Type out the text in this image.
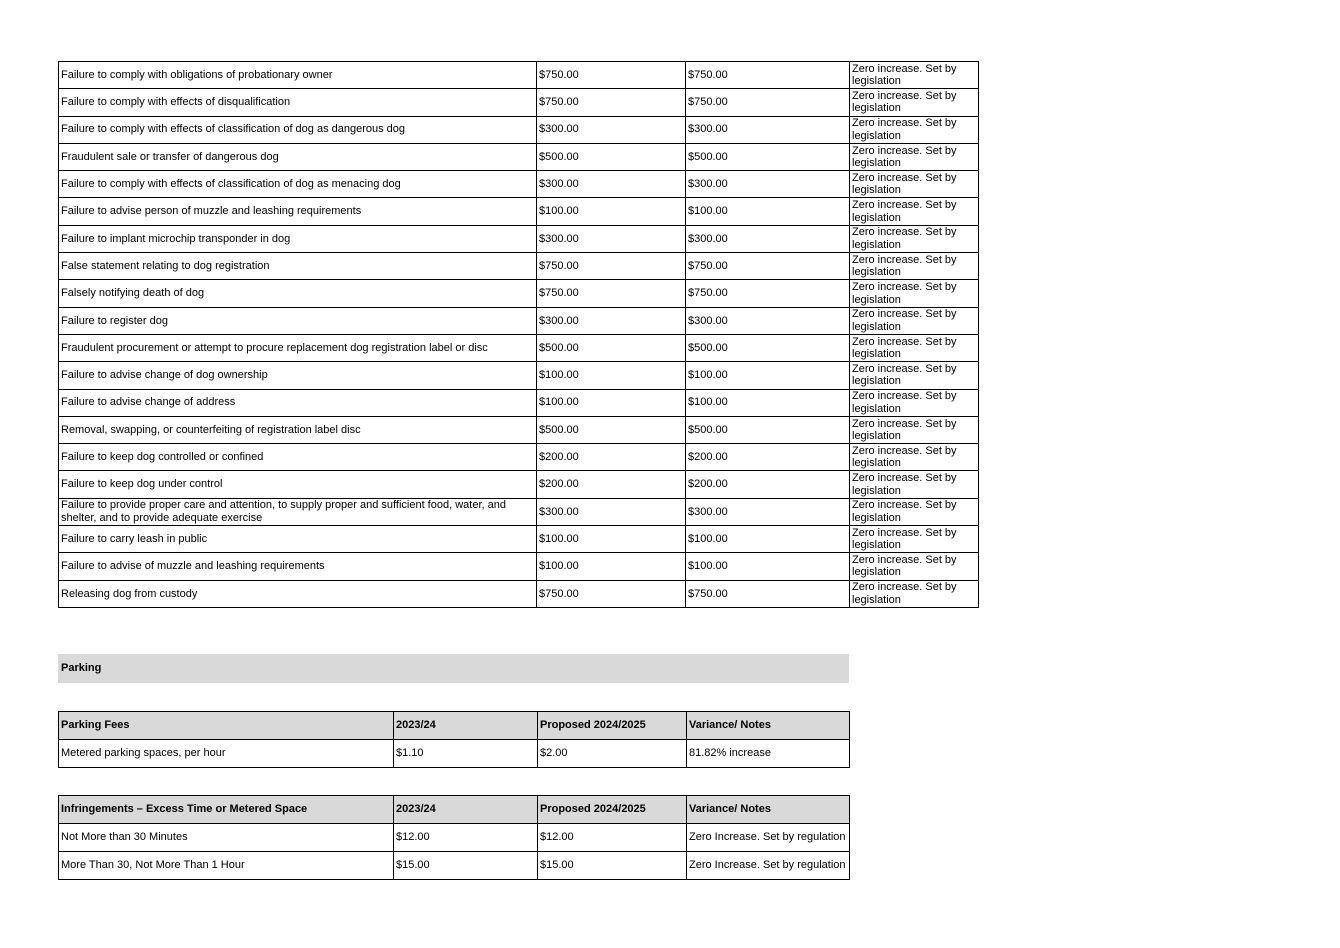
Failure to comply with obligations of probationary owner	$750.00	$750.00	Zero increase. Set by legislation
Failure to comply with effects of disqualification	$750.00	$750.00	Zero increase. Set by legislation
Failure to comply with effects of classification of dog as dangerous dog	$300.00	$300.00	Zero increase. Set by legislation
Fraudulent sale or transfer of dangerous dog	$500.00	$500.00	Zero increase. Set by legislation
Failure to comply with effects of classification of dog as menacing dog	$300.00	$300.00	Zero increase. Set by legislation
Failure to advise person of muzzle and leashing requirements	$100.00	$100.00	Zero increase. Set by legislation
Failure to implant microchip transponder in dog	$300.00	$300.00	Zero increase. Set by legislation
False statement relating to dog registration	$750.00	$750.00	Zero increase. Set by legislation
Falsely notifying death of dog	$750.00	$750.00	Zero increase. Set by legislation
Failure to register dog	$300.00	$300.00	Zero increase. Set by legislation
Fraudulent procurement or attempt to procure replacement dog registration label or disc	$500.00	$500.00	Zero increase. Set by legislation
Failure to advise change of dog ownership	$100.00	$100.00	Zero increase. Set by legislation
Failure to advise change of address	$100.00	$100.00	Zero increase. Set by legislation
Removal, swapping, or counterfeiting of registration label disc	$500.00	$500.00	Zero increase. Set by legislation
Failure to keep dog controlled or confined	$200.00	$200.00	Zero increase. Set by legislation
Failure to keep dog under control	$200.00	$200.00	Zero increase. Set by legislation
Failure to provide proper care and attention, to supply proper and sufficient food, water, and shelter, and to provide adequate exercise	$300.00	$300.00	Zero increase. Set by legislation
Failure to carry leash in public	$100.00	$100.00	Zero increase. Set by legislation
Failure to advise of muzzle and leashing requirements	$100.00	$100.00	Zero increase. Set by legislation
Releasing dog from custody	$750.00	$750.00	Zero increase. Set by legislation
Parking
Parking Fees	2023/24	Proposed 2024/2025	Variance/ Notes
Metered parking spaces, per hour	$1.10	$2.00	81.82% increase
Infringements – Excess Time or Metered Space	2023/24	Proposed 2024/2025	Variance/ Notes
Not More than 30 Minutes	$12.00	$12.00	Zero Increase. Set by regulation
More Than 30, Not More Than 1 Hour	$15.00	$15.00	Zero Increase. Set by regulation
